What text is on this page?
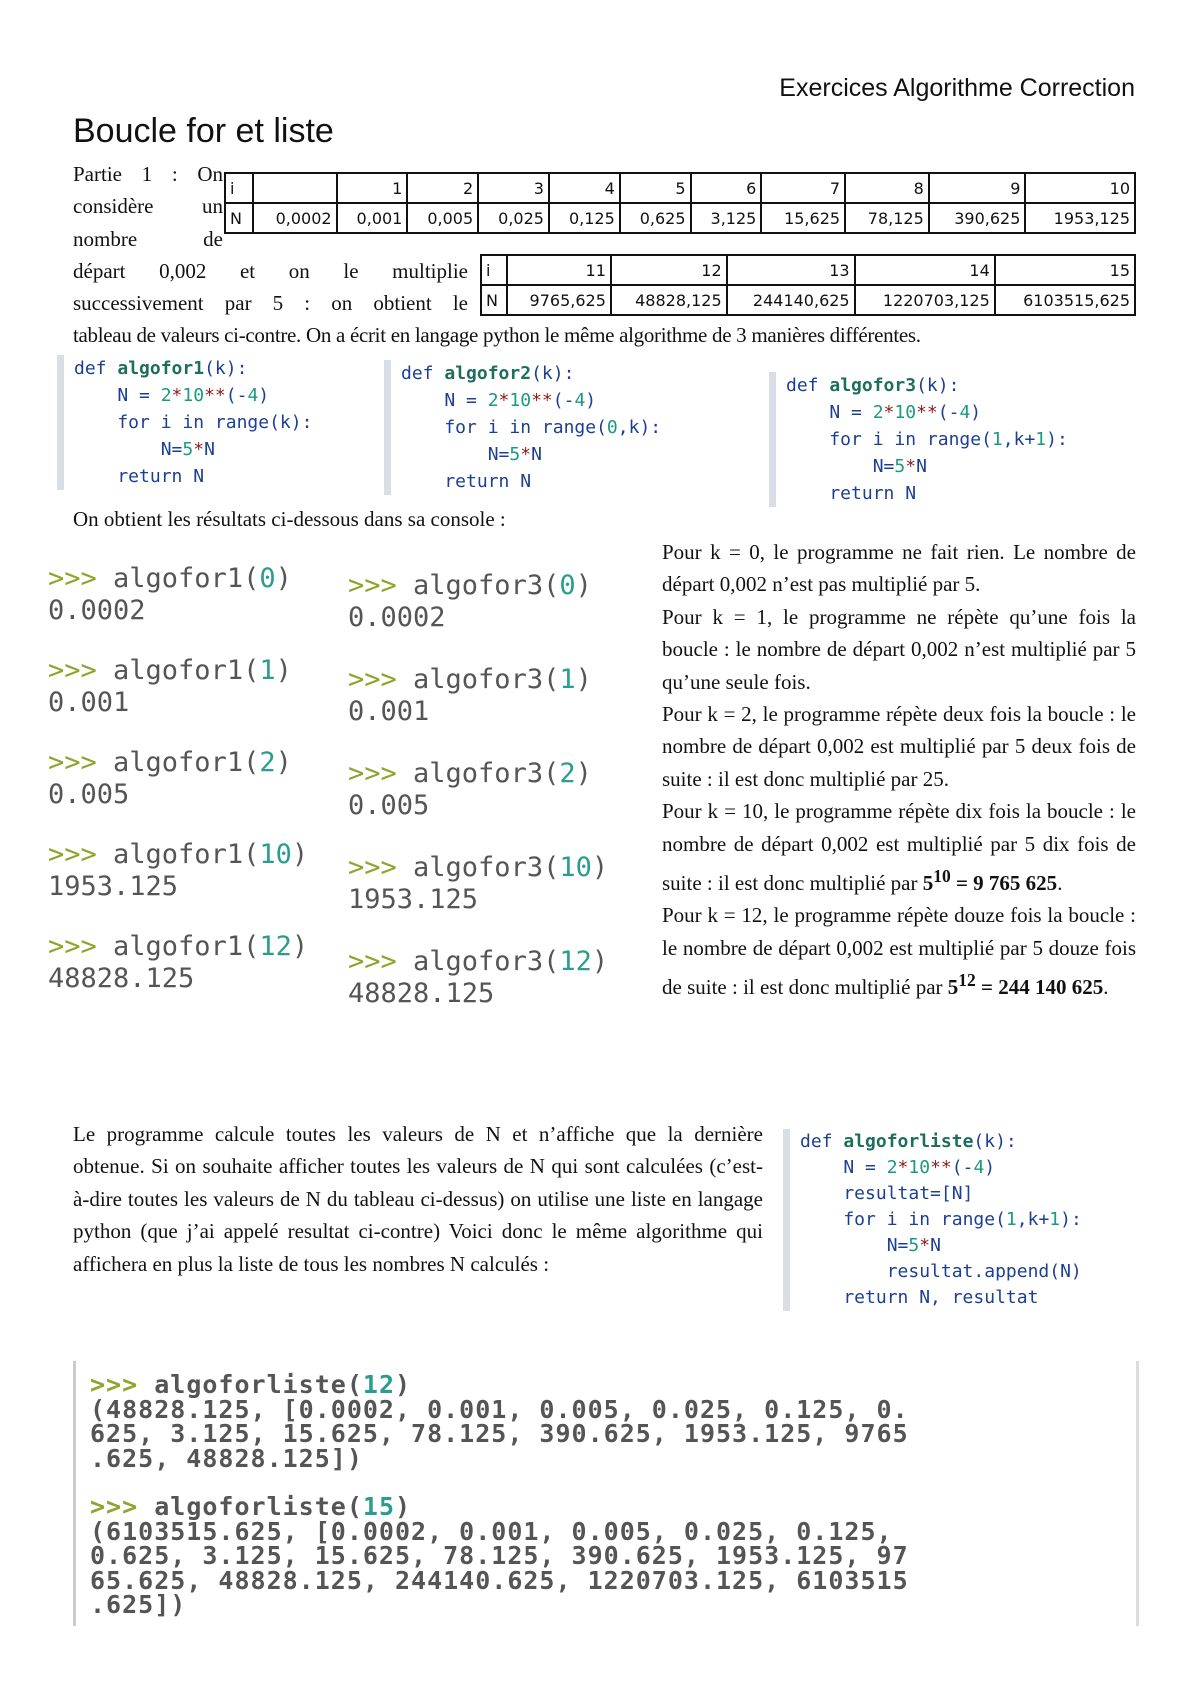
Exercices Algorithme Correction
Boucle for et liste
Partie 1 : On
considère un
nombre de
départ 0,002 et on le multiplie
successivement par 5 : on obtient le
tableau de valeurs ci-contre. On a écrit en langage python le même algorithme de 3 manières différentes.
i		1	2	3	4	5	6	7	8	9	10
N	0,0002	0,001	0,005	0,025	0,125	0,625	3,125	15,625	78,125	390,625	1953,125
i	11	12	13	14	15
N	9765,625	48828,125	244140,625	1220703,125	6103515,625
def algofor1(k):
N = 2*10**(-4)
for i in range(k):
N=5*N
return N
def algofor2(k):
N = 2*10**(-4)
for i in range(0,k):
N=5*N
return N
def algofor3(k):
N = 2*10**(-4)
for i in range(1,k+1):
N=5*N
return N
On obtient les résultats ci-dessous dans sa console :
>>> algofor1(0)
0.0002
>>> algofor1(1)
0.001
>>> algofor1(2)
0.005
>>> algofor1(10)
1953.125
>>> algofor1(12)
48828.125
>>> algofor3(0)
0.0002
>>> algofor3(1)
0.001
>>> algofor3(2)
0.005
>>> algofor3(10)
1953.125
>>> algofor3(12)
48828.125
Pour k = 0, le programme ne fait rien. Le nombre de départ 0,002 n’est pas multiplié par 5.
Pour k = 1, le programme ne répète qu’une fois la boucle : le nombre de départ 0,002 n’est multiplié par 5 qu’une seule fois.
Pour k = 2, le programme répète deux fois la boucle : le nombre de départ 0,002 est multiplié par 5 deux fois de suite : il est donc multiplié par 25.
Pour k = 10, le programme répète dix fois la boucle : le nombre de départ 0,002 est multiplié par 5 dix fois de suite : il est donc multiplié par $5^{10} = 9$ 765 625.
Pour k = 12, le programme répète douze fois la boucle : le nombre de départ 0,002 est multiplié par 5 douze fois de suite : il est donc multiplié par $5^{12} = 244$ 140 625.
Le programme calcule toutes les valeurs de N et n’affiche que la dernière obtenue. Si on souhaite afficher toutes les valeurs de N qui sont calculées (c’est-à-dire toutes les valeurs de N du tableau ci-dessus) on utilise une liste en langage python (que j’ai appelé resultat ci-contre) Voici donc le même algorithme qui affichera en plus la liste de tous les nombres N calculés :
def algoforliste(k):
N = 2*10**(-4)
resultat=[N]
for i in range(1,k+1):
N=5*N
resultat.append(N)
return N, resultat
>>> algoforliste(12)
(48828.125, [0.0002, 0.001, 0.005, 0.025, 0.125, 0.
625, 3.125, 15.625, 78.125, 390.625, 1953.125, 9765
.625, 48828.125])
>>> algoforliste(15)
(6103515.625, [0.0002, 0.001, 0.005, 0.025, 0.125,
0.625, 3.125, 15.625, 78.125, 390.625, 1953.125, 97
65.625, 48828.125, 244140.625, 1220703.125, 6103515
.625])
